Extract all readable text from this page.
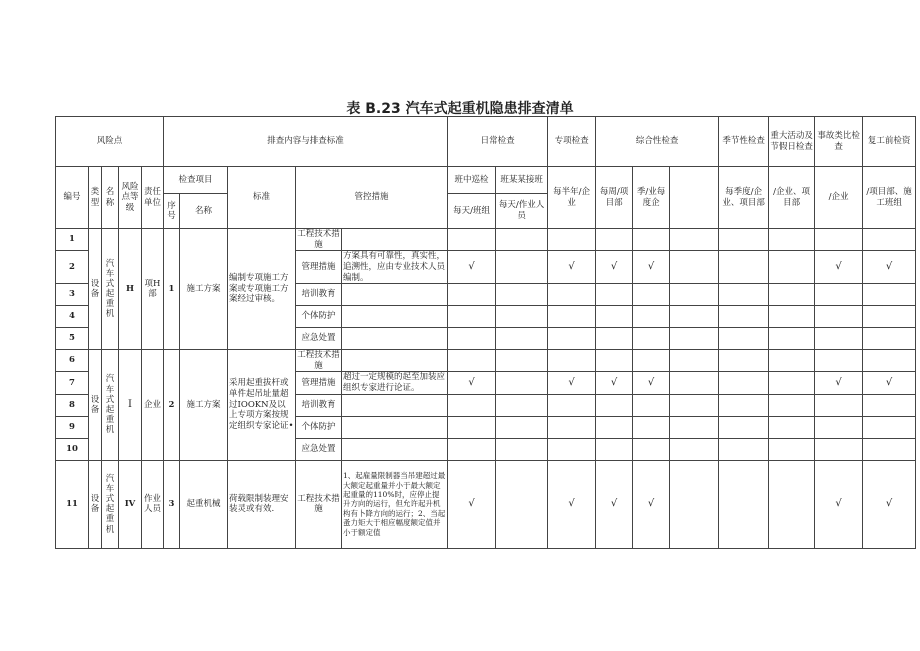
表 B.23 汽车式起重机隐患排查清单
风险点					排查内容与排查标准					日常检查		专项检查	综合性检查			季节性检查	重大活动及节假日检查	事故类比检查	复工前检资
编号	类型	名称	风险点等级	责任单位	检查项目		标准	管控措施		班中巡检	班某某接班	每半年/企业	每周/项目部	季/业每度企		每季度/企业、项目部	/企业、项目部	/企业	/项目部、施工班组
					序号	名称				每天/班组	每天/作业人员								
1	设备	汽车式起重机	H	项H部	1	施工方案	编制专项施工方案或专项施工方案经过审核。	工程技术措施											
2								管理措施	方案具有可靠性，真实性，追溯性，应由专业技术人员编制。	√		√	√	√				√	√
3								培训教育											
4								个体防护											
5								应急处置											
6	设备	汽车式起重机	I	企业	2	施工方案	采用起重拔杆或单件起吊址量超过IOOKN及以上专项方案按规定组织专家论证•	工程技术措施											
7								管理措施	超过一定规模的起至加装应组织专家进行论证。	√		√	√	√				√	√
8								培训教育											
9								个体防护											
10								应急处置											
11	设备	汽车式起重机	IV	作业人员	3	起重机械	荷载限制装理安装灵或有效.	工程技术措施	1、起雇量限制器当吊建超过最大额定起重量并小于最大额定起重量的110%时，应停止提升方向的运行，但允许起升机构有卜降方向的运行；2、当起蚤力矩大于相应幅度额定值并小于额定值	√		√	√	√				√	√
